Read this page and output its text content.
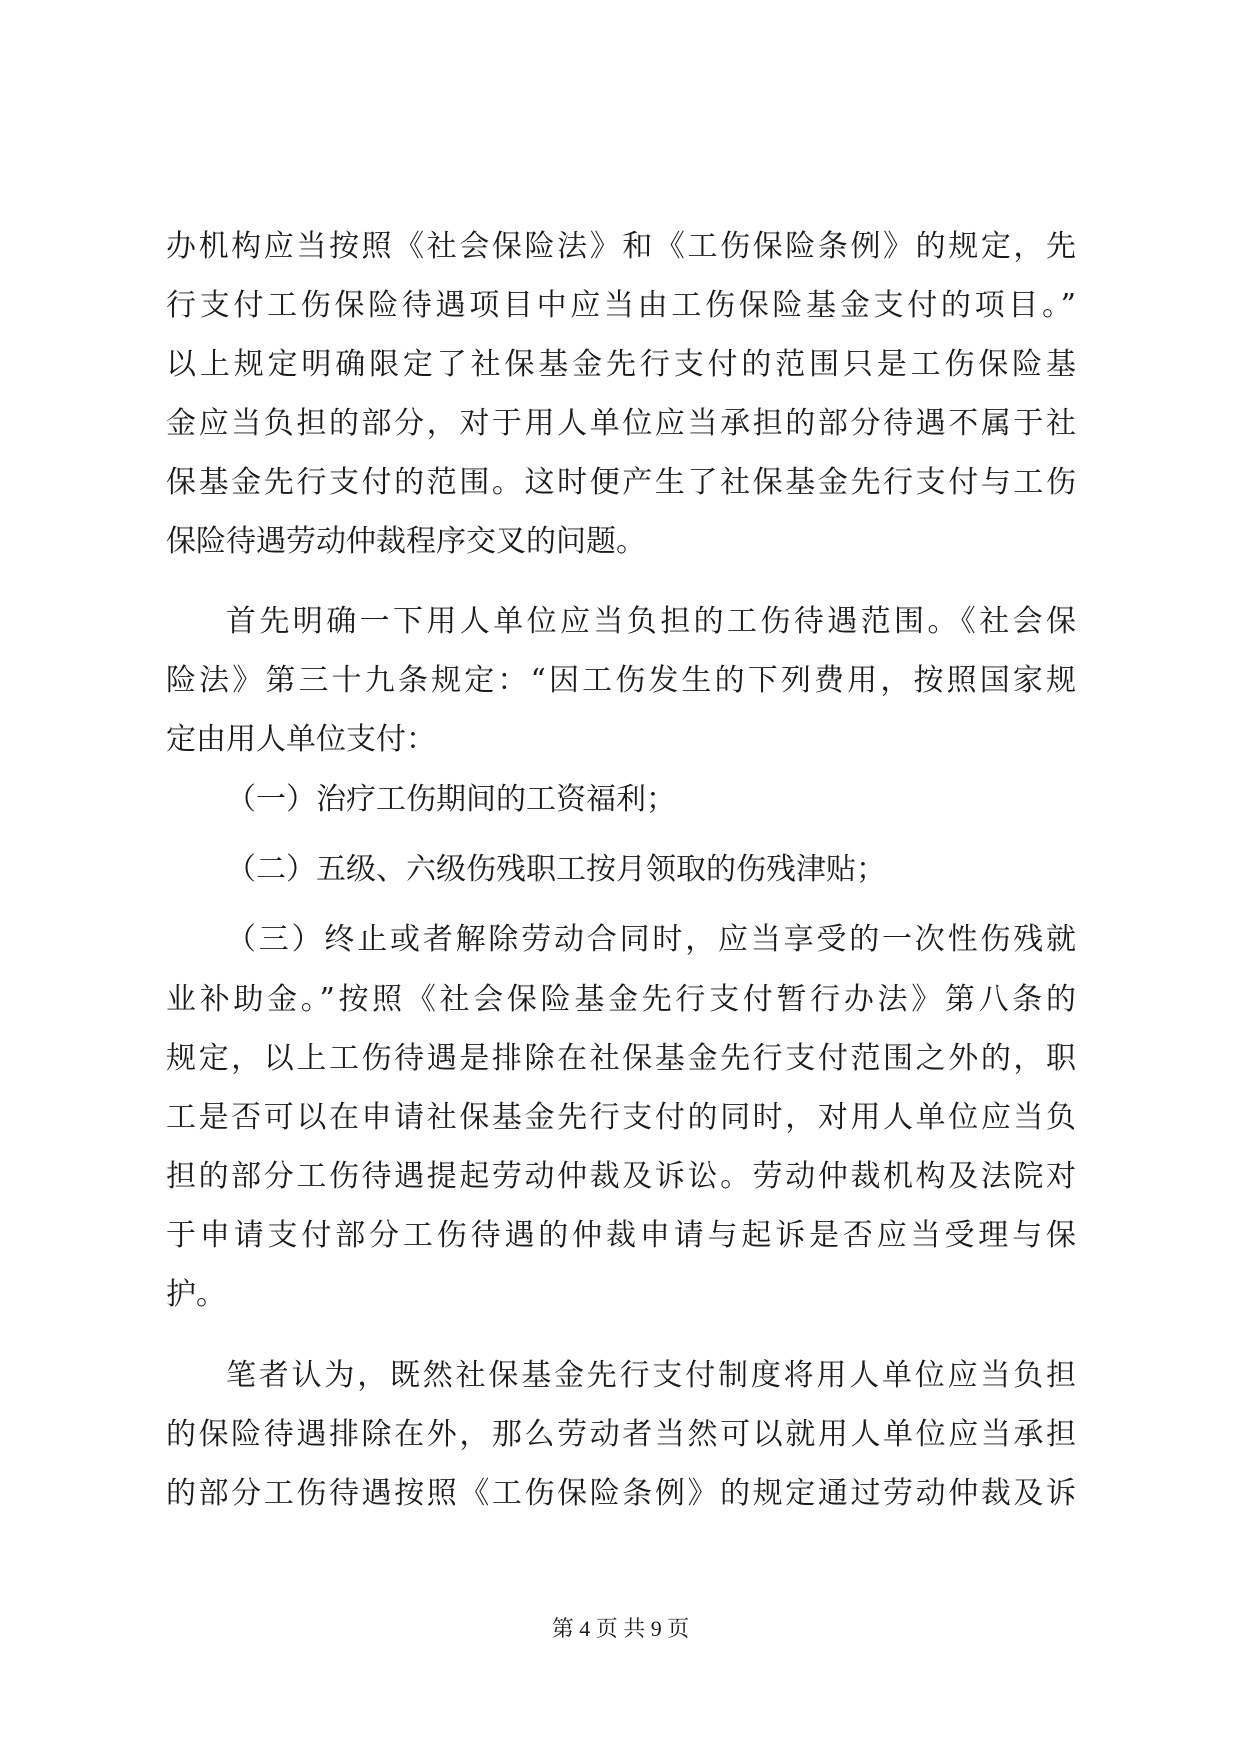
办机构应当按照《社会保险法》和《工伤保险条例》的规定，先
行支付工伤保险待遇项目中应当由工伤保险基金支付的项目。”
以上规定明确限定了社保基金先行支付的范围只是工伤保险基
金应当负担的部分，对于用人单位应当承担的部分待遇不属于社
保基金先行支付的范围。这时便产生了社保基金先行支付与工伤
保险待遇劳动仲裁程序交叉的问题。
首先明确一下用人单位应当负担的工伤待遇范围。《社会保
险法》第三十九条规定：“因工伤发生的下列费用，按照国家规
定由用人单位支付：
（一）治疗工伤期间的工资福利；
（二）五级、六级伤残职工按月领取的伤残津贴；
（三）终止或者解除劳动合同时，应当享受的一次性伤残就
业补助金。”按照《社会保险基金先行支付暂行办法》第八条的
规定，以上工伤待遇是排除在社保基金先行支付范围之外的，职
工是否可以在申请社保基金先行支付的同时，对用人单位应当负
担的部分工伤待遇提起劳动仲裁及诉讼。劳动仲裁机构及法院对
于申请支付部分工伤待遇的仲裁申请与起诉是否应当受理与保
护。
笔者认为，既然社保基金先行支付制度将用人单位应当负担
的保险待遇排除在外，那么劳动者当然可以就用人单位应当承担
的部分工伤待遇按照《工伤保险条例》的规定通过劳动仲裁及诉
第 4 页 共 9 页
